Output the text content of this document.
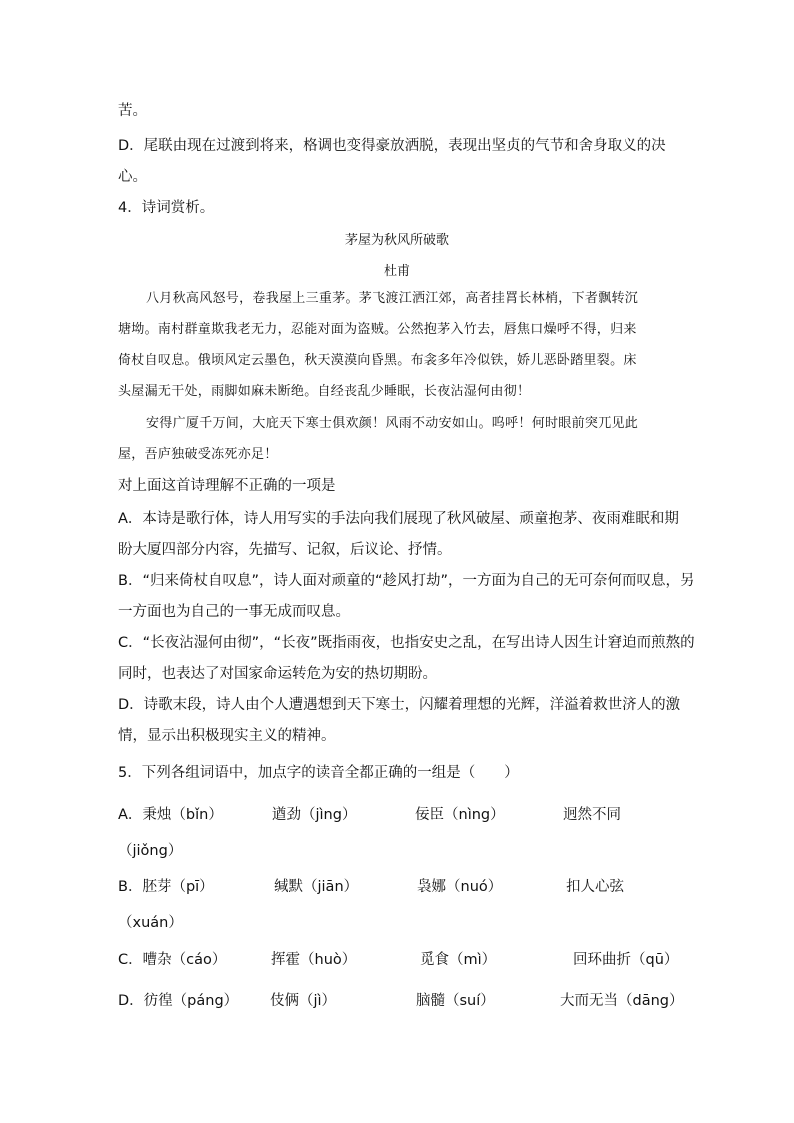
苦。
D．尾联由现在过渡到将来，格调也变得豪放洒脱，表现出坚贞的气节和舍身取义的决
心。
4．诗词赏析。
茅屋为秋风所破歌
杜甫
八月秋高风怒号，卷我屋上三重茅。茅飞渡江洒江郊，高者挂罥长林梢，下者飘转沉
塘坳。南村群童欺我老无力，忍能对面为盗贼。公然抱茅入竹去，唇焦口燥呼不得，归来
倚杖自叹息。俄顷风定云墨色，秋天漠漠向昏黑。布衾多年冷似铁，娇儿恶卧踏里裂。床
头屋漏无干处，雨脚如麻未断绝。自经丧乱少睡眠，长夜沾湿何由彻！
安得广厦千万间，大庇天下寒士俱欢颜！风雨不动安如山。呜呼！何时眼前突兀见此
屋，吾庐独破受冻死亦足！
对上面这首诗理解不正确的一项是
A．本诗是歌行体，诗人用写实的手法向我们展现了秋风破屋、顽童抱茅、夜雨难眠和期
盼大厦四部分内容，先描写、记叙，后议论、抒情。
B．“归来倚杖自叹息”，诗人面对顽童的“趁风打劫”，一方面为自己的无可奈何而叹息，另
一方面也为自己的一事无成而叹息。
C．“长夜沾湿何由彻”，“长夜”既指雨夜，也指安史之乱，在写出诗人因生计窘迫而煎熬的
同时，也表达了对国家命运转危为安的热切期盼。
D．诗歌末段，诗人由个人遭遇想到天下寒士，闪耀着理想的光辉，洋溢着救世济人的激
情，显示出积极现实主义的精神。
5．下列各组词语中，加点字的读音全都正确的一组是（　　）
A．秉烛（bǐn）	遒劲（jìng）	佞臣（nìng）	迥然不同
（jiǒng）
B．胚芽（pī）	缄默（jiān）	袅娜（nuó）	扣人心弦
（xuán）
C．嘈杂（cáo）	挥霍（huò）	觅食（mì）	回环曲折（qū）
D．彷徨（páng） 伎俩（jì）	脑髓（suí）	大而无当（dāng）
